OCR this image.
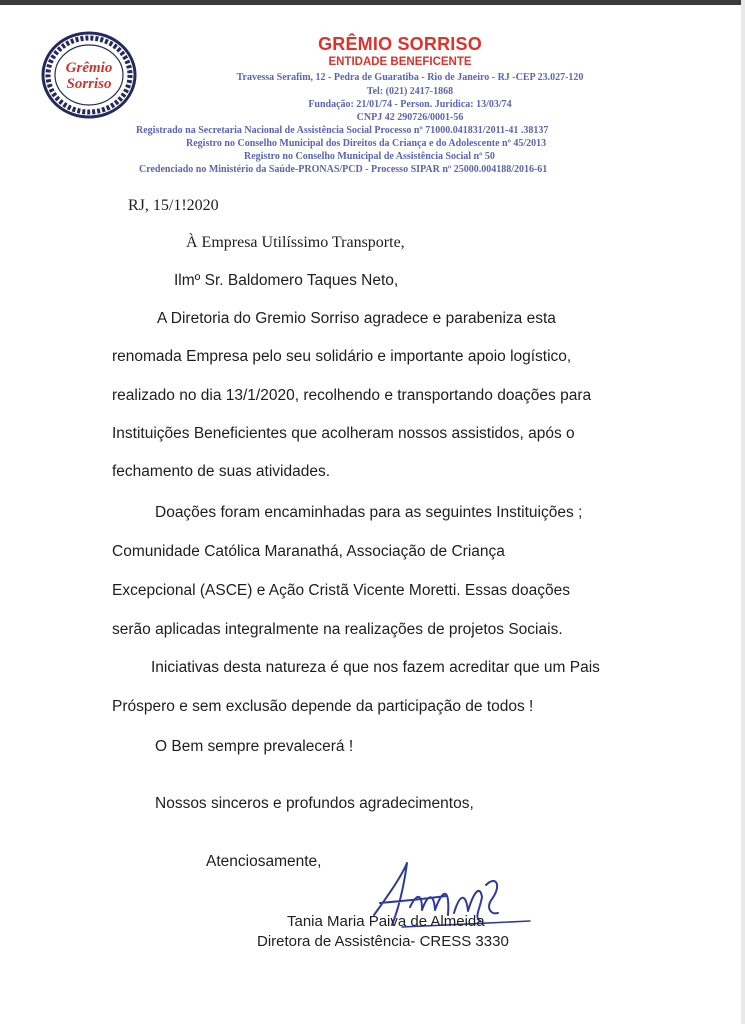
Grêmio
Sorriso
GRÊMIO SORRISO
ENTIDADE BENEFICENTE
Travessa Serafim, 12 - Pedra de Guaratiba - Rio de Janeiro - RJ -CEP 23.027-120
Tel: (021) 2417-1868
Fundação: 21/01/74 - Person. Juridica: 13/03/74
CNPJ 42 290726/0001-56
Registrado na Secretaria Nacional de Assistência Social Processo nº 71000.041831/2011-41 .38137
Registro no Conselho Municipal dos Direitos da Criança e do Adolescente nº 45/2013
Registro no Conselho Municipal de Assistência Social nº 50
Credenciado no Ministério da Saúde-PRONAS/PCD - Processo SIPAR nº 25000.004188/2016-61
RJ, 15/1!2020
À Empresa Utilíssimo Transporte,
Ilmº Sr. Baldomero Taques Neto,
A Diretoria do Gremio Sorriso agradece e parabeniza esta
renomada Empresa pelo seu solidário e importante apoio logístico,
realizado no dia 13/1/2020, recolhendo e transportando doações para
Instituições Beneficientes que acolheram nossos assistidos, após o
fechamento de suas atividades.
Doações foram encaminhadas para as seguintes Instituições ;
Comunidade Católica Maranathá, Associação de Criança
Excepcional (ASCE) e Ação Cristã Vicente Moretti. Essas doações
serão aplicadas integralmente na realizações de projetos Sociais.
Iniciativas desta natureza é que nos fazem acreditar que um Pais
Próspero e sem exclusão depende da participação de todos !
O Bem sempre prevalecerá !
Nossos sinceros e profundos agradecimentos,
Atenciosamente,
Tania Maria Paiva de Almeida
Diretora de Assistência- CRESS 3330
